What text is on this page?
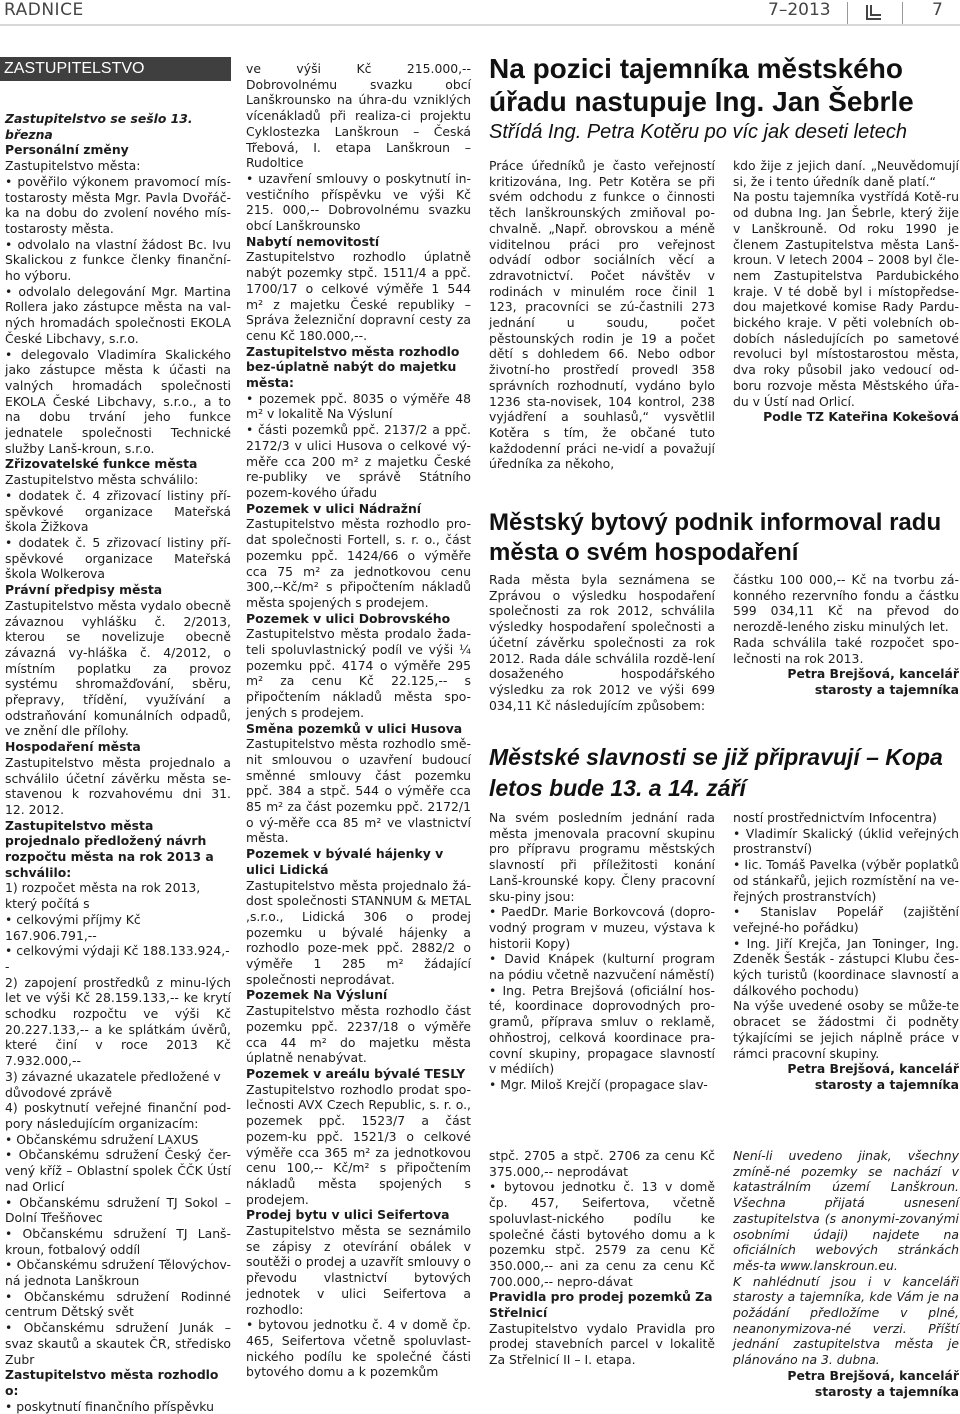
RADNICE	7–2013	7
ZASTUPITELSTVO

Zastupitelstvo se sešlo 13. března

Personální změny

Zastupitelstvo města:

• pověřilo výkonem pravomocí mís-tostarosty města Mgr. Pavla Dvořáč-ka na dobu do zvolení nového mís-tostarosty města.

• odvolalo na vlastní žádost Bc. Ivu Skalickou z funkce členky finanční-ho výboru.

• odvolalo delegování Mgr. Martina Rollera jako zástupce města na val-ných hromadách společnosti EKOLA České Libchavy, s.r.o.

• delegovalo Vladimíra Skalického jako zástupce města k účasti na valných hromadách společnosti EKOLA České Libchavy, s.r.o., a to na dobu trvání jeho funkce jednatele společnosti Technické služby Lanš-kroun, s.r.o.

Zřizovatelské funkce města

Zastupitelstvo města schválilo:

• dodatek č. 4 zřizovací listiny pří-spěvkové organizace Mateřská škola Žižkova

• dodatek č. 5 zřizovací listiny pří-spěvkové organizace Mateřská škola Wolkerova

Právní předpisy města

Zastupitelstvo města vydalo obecně závaznou vyhlášku č. 2/2013, kterou se novelizuje obecně závazná vy-hláška č. 4/2012, o místním poplatku za provoz systému shromažďování, sběru, přepravy, třídění, využívání a odstraňování komunálních odpadů, ve znění dle přílohy.

Hospodaření města

Zastupitelstvo města projednalo a schválilo účetní závěrku města se-stavenou k rozvahovému dni 31. 12. 2012.

Zastupitelstvo města projednalo předložený návrh rozpočtu města na rok 2013 a schválilo:

1) rozpočet města na rok 2013, který počítá s

• celkovými příjmy Kč 167.906.791,--

• celkovými výdaji Kč 188.133.924,--

2) zapojení prostředků z minu-lých let ve výši Kč 28.159.133,-- ke krytí schodku rozpočtu ve výši Kč 20.227.133,-- a ke splátkám úvěrů, které činí v roce 2013 Kč 7.932.000,--

3) závazné ukazatele předložené v důvodové zprávě

4) poskytnutí veřejné finanční pod-pory následujícím organizacím:

• Občanskému sdružení LAXUS

• Občanskému sdružení Český čer-vený kříž – Oblastní spolek ČČK Ústí nad Orlicí

• Občanskému sdružení TJ Sokol – Dolní Třešňovec

• Občanskému sdružení TJ Lanš-kroun, fotbalový oddíl

• Občanskému sdružení Tělovýchov-ná jednota Lanškroun

• Občanskému sdružení Rodinné centrum Dětský svět

• Občanskému sdružení Junák – svaz skautů a skautek ČR, středisko Zubr

Zastupitelstvo města rozhodlo o:

• poskytnutí finančního příspěvku

ve výši Kč 215.000,-- Dobrovolnému svazku obcí Lanškrounsko na úhra-du vzniklých vícenákladů při realiza-ci projektu Cyklostezka Lanškroun – Česká Třebová, I. etapa Lanškroun – Rudoltice

• uzavření smlouvy o poskytnutí in-vestičního příspěvku ve výši Kč 215. 000,-- Dobrovolnému svazku obcí Lanškrounsko

Nabytí nemovitostí

Zastupitelstvo rozhodlo úplatně nabýt pozemky stpč. 1511/4 a ppč. 1700/17 o celkové výměře 1 544 m² z majetku České republiky – Správa železniční dopravní cesty za cenu Kč 180.000,--.

Zastupitelstvo města rozhodlo bez-úplatně nabýt do majetku města:

• pozemek ppč. 8035 o výměře 48 m² v lokalitě Na Výsluní

• části pozemků ppč. 2137/2 a ppč. 2172/3 v ulici Husova o celkové vý-měře cca 200 m² z majetku České re-publiky ve správě Státního pozem-kového úřadu

Pozemek v ulici Nádražní

Zastupitelstvo města rozhodlo pro-dat společnosti Fortell, s. r. o., část pozemku ppč. 1424/66 o výměře cca 75 m² za jednotkovou cenu 300,--Kč/m² s připočtením nákladů města spojených s prodejem.

Pozemek v ulici Dobrovského

Zastupitelstvo města prodalo žada-teli spoluvlastnický podíl ve výši ¼ pozemku ppč. 4174 o výměře 295 m² za cenu Kč 22.125,-- s připočtením nákladů města spo-jených s prodejem.

Směna pozemků v ulici Husova

Zastupitelstvo města rozhodlo smě-nit smlouvou o uzavření budoucí směnné smlouvy část pozemku ppč. 384 a stpč. 544 o výměře cca 85 m² za část pozemku ppč. 2172/1 o vý-měře cca 85 m² ve vlastnictví města.

Pozemek v bývalé hájenky v ulici Lidická

Zastupitelstvo města projednalo žá-dost společnosti STANNUM & METAL ,s.r.o., Lidická 306 o prodej pozemku u bývalé hájenky a rozhodlo poze-mek ppč. 2882/2 o výměře 1 285 m² žádající společnosti neprodávat.

Pozemek Na Výsluní

Zastupitelstvo města rozhodlo část pozemku ppč. 2237/18 o výměře cca 44 m² do majetku města úplatně nenabývat.

Pozemek v areálu bývalé TESLY

Zastupitelstvo rozhodlo prodat spo-lečnosti AVX Czech Republic, s. r. o., pozemek ppč. 1523/7 a část pozem-ku ppč. 1521/3 o celkové výměře cca 365 m² za jednotkovou cenu 100,-- Kč/m² s připočtením nákladů města spojených s prodejem.

Prodej bytu v ulici Seifertova

Zastupitelstvo města se seznámilo se zápisy z otevírání obálek v soutěži o prodej a uzavřít smlouvy o převodu vlastnictví bytových jednotek v ulici Seifertova a rozhodlo:

• bytovou jednotku č. 4 v domě čp. 465, Seifertova včetně spoluvlast-nického podílu ke společné části bytového domu a k pozemkům

Na pozici tajemníka městského úřadu nastupuje Ing. Jan Šebrle
Střídá Ing. Petra Kotěru po víc jak deseti letech

Práce úředníků je často veřejností kritizována, Ing. Petr Kotěra se při svém odchodu z funkce o činnosti těch lanškrounských zmiňoval po-chvalně. „Např. obrovskou a méně viditelnou práci pro veřejnost odvádí odbor sociálních věcí a zdravotnictví. Počet návštěv v rodinách v minulém roce činil 1 123, pracovníci se zú-častnili 273 jednání u soudu, počet pěstounských rodin je 19 a počet dětí s dohledem 66. Nebo odbor životní-ho prostředí provedl 358 správních rozhodnutí, vydáno bylo 1236 sta-novisek, 104 kontrol, 238 vyjádření a souhlasů,“ vysvětlil Kotěra s tím, že občané tuto každodenní práci ne-vidí a považují úředníka za někoho,

kdo žije z jejich daní. „Neuvědomují si, že i tento úředník daně platí.“

Na postu tajemníka vystřídá Kotě-ru od dubna Ing. Jan Šebrle, který žije v Lanškrouně. Od roku 1990 je členem Zastupitelstva města Lanš-kroun. V letech 2004 – 2008 byl čle-nem Zastupitelstva Pardubického kraje. V té době byl i místopředse-dou majetkové komise Rady Pardu-bického kraje. V pěti volebních ob-dobích následujících po sametové revoluci byl místostarostou města, dva roky působil jako vedoucí od-boru rozvoje města Městského úřa-du v Ústí nad Orlicí.

Podle TZ Kateřina Kokešová

Městský bytový podnik informoval radu města o svém hospodaření

Rada města byla seznámena se Zprávou o výsledku hospodaření společnosti za rok 2012, schválila výsledky hospodaření společnosti a účetní závěrku společnosti za rok 2012. Rada dále schválila rozdě-lení dosaženého hospodářského výsledku za rok 2012 ve výši 699 034,11 Kč následujícím způsobem:

částku 100 000,-- Kč na tvorbu zá-konného rezervního fondu a částku 599 034,11 Kč na převod do nerozdě-leného zisku minulých let.

Rada schválila také rozpočet spo-lečnosti na rok 2013.

Petra Brejšová, kancelář starosty a tajemníka

Městské slavnosti se již připravují – Kopa letos bude 13. a 14. září

Na svém posledním jednání rada města jmenovala pracovní skupinu pro přípravu programu městských slavností při příležitosti konání Lanš-krounské kopy. Členy pracovní sku-piny jsou:

• PaedDr. Marie Borkovcová (dopro-vodný program v muzeu, výstava k historii Kopy)

• David Knápek (kulturní program na pódiu včetně nazvučení náměstí)

• Ing. Petra Brejšová (oficiální hos-té, koordinace doprovodných pro-gramů, příprava smluv o reklamě, ohňostroj, celková koordinace pra-covní skupiny, propagace slavností v médiích)

• Mgr. Miloš Krejčí (propagace slav-

ností prostřednictvím Infocentra)

• Vladimír Skalický (úklid veřejných prostranství)

• Iic. Tomáš Pavelka (výběr poplatků od stánkařů, jejich rozmístění na ve-řejných prostranstvích)

• Stanislav Popelář (zajištění veřejné-ho pořádku)

• Ing. Jiří Krejča, Jan Toninger, Ing. Zdeněk Šesták - zástupci Klubu čes-kých turistů (koordinace slavností a dálkového pochodu)

Na výše uvedené osoby se může-te obracet se žádostmi či podněty týkajícími se jejich náplně práce v rámci pracovní skupiny.

Petra Brejšová, kancelář starosty a tajemníka

stpč. 2705 a stpč. 2706 za cenu Kč 375.000,-- neprodávat

• bytovou jednotku č. 13 v domě čp. 457, Seifertova, včetně spoluvlast-nického podílu ke společné části bytového domu a k pozemku stpč. 2579 za cenu Kč 350.000,-- ani za cenu za cenu Kč 700.000,-- nepro-dávat

Pravidla pro prodej pozemků Za Střelnicí

Zastupitelstvo vydalo Pravidla pro prodej stavebních parcel v lokalitě Za Střelnicí II – I. etapa.

Není-li uvedeno jinak, všechny zmíně-né pozemky se nachází v katastrálním území Lanškroun. Všechna přijatá usnesení zastupitelstva (s anonymi-zovanými osobními údaji) najdete na oficiálních webových stránkách měs-ta www.lanskroun.eu.

K nahlédnutí jsou i v kanceláři starosty a tajemníka, kde Vám je na požádání předložíme v plné, neanonymizova-né verzi. Příští jednání zastupitelstva města je plánováno na 3. dubna.

Petra Brejšová, kancelář starosty a tajemníka
